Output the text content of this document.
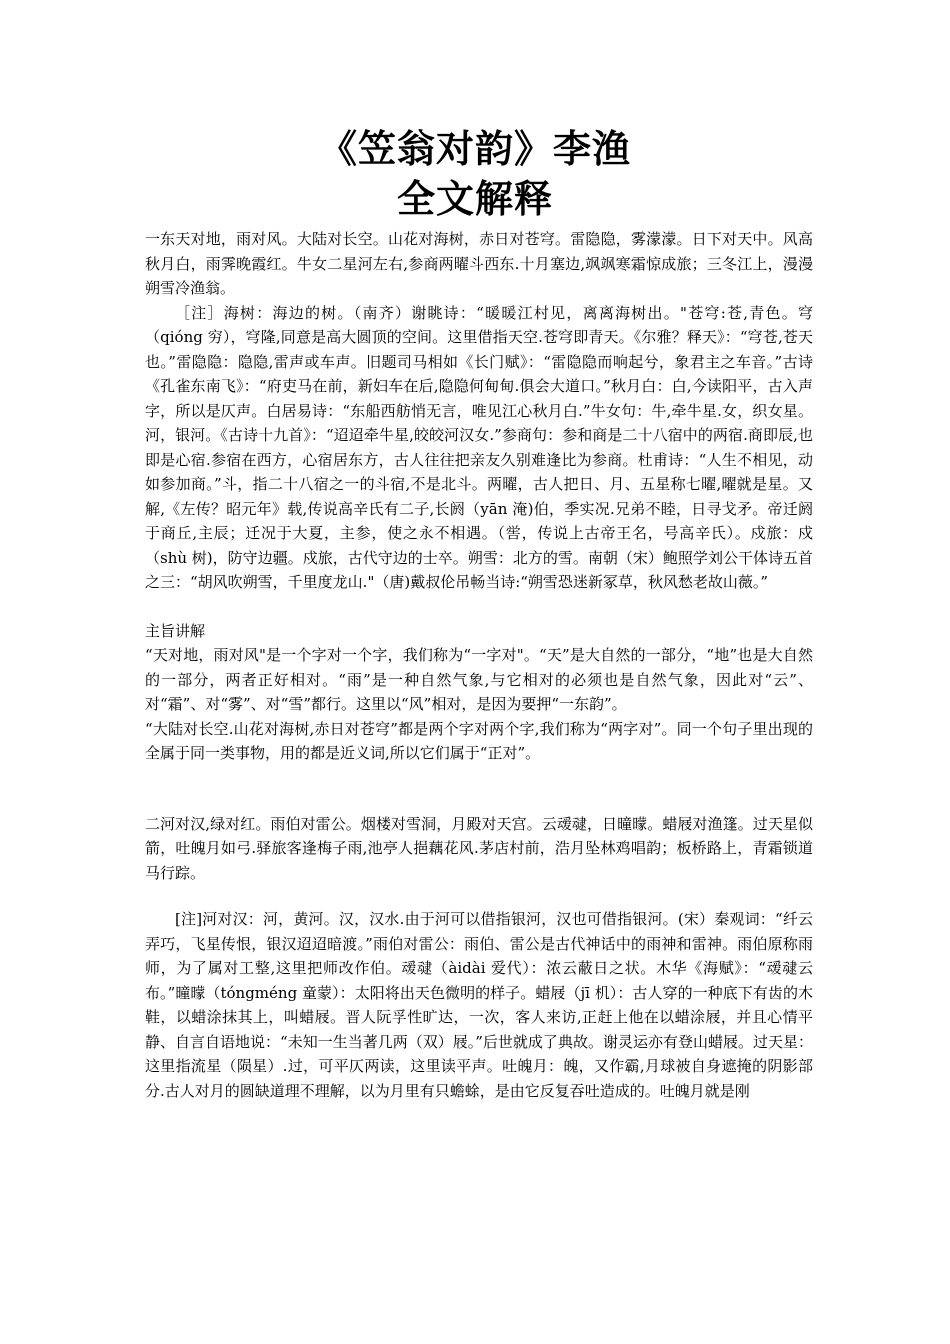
《笠翁对韵》李渔
全文解释

一东天对地，雨对风。大陆对长空。山花对海树，赤日对苍穹。雷隐隐，雾濛濛。日下对天中。风高秋月白，雨霁晚霞红。牛女二星河左右,参商两曜斗西东.十月塞边,飒飒寒霜惊成旅；三冬江上，漫漫朔雪冷渔翁。

［注］海树：海边的树。（南齐）谢眺诗：“暖暖江村见，离离海树出。"苍穹:苍,青色。穹（qióng 穷），穹隆,同意是高大圆顶的空间。这里借指天空.苍穹即青天。《尔雅？释天》：“穹苍,苍天也。”雷隐隐：隐隐,雷声或车声。旧题司马相如《长门赋》：“雷隐隐而响起兮，象君主之车音。”古诗《孔雀东南飞》：“府吏马在前，新妇车在后,隐隐何甸甸.俱会大道口。”秋月白：白,今读阳平，古入声字，所以是仄声。白居易诗：“东船西舫悄无言，唯见江心秋月白.”牛女句：牛,牵牛星.女，织女星。河，银河。《古诗十九首》：“迢迢牵牛星,皎皎河汉女.”参商句：参和商是二十八宿中的两宿.商即辰,也即是心宿.参宿在西方，心宿居东方，古人往往把亲友久别难逢比为参商。杜甫诗：“人生不相见，动如参加商。”斗，指二十八宿之一的斗宿,不是北斗。两曜，古人把日、月、五星称七曜,曜就是星。又解,《左传？昭元年》载,传说高辛氏有二子,长阏（yān 淹)伯，季实况.兄弟不睦，日寻戈矛。帝迁阏于商丘,主辰；迁况于大夏，主参，使之永不相遇。（喾，传说上古帝王名，号高辛氏）。戍旅：戍（shù 树)，防守边疆。戍旅，古代守边的士卒。朔雪：北方的雪。南朝（宋）鲍照学刘公干体诗五首之三：“胡风吹朔雪，千里度龙山."（唐)戴叔伦吊畅当诗:“朔雪恐迷新冢草，秋风愁老故山薇。”

主旨讲解

“天对地，雨对风"是一个字对一个字，我们称为“一字对"。“天”是大自然的一部分，“地”也是大自然的一部分，两者正好相对。“雨”是一种自然气象,与它相对的必须也是自然气象，因此对“云”、对“霜”、对“雾”、对“雪”都行。这里以“风”相对，是因为要押“一东韵”。

“大陆对长空.山花对海树,赤日对苍穹”都是两个字对两个字,我们称为“两字对”。同一个句子里出现的全属于同一类事物，用的都是近义词,所以它们属于“正对”。

二河对汉,绿对红。雨伯对雷公。烟楼对雪洞，月殿对天宫。云叆叇，日曈曚。蜡屐对渔篷。过天星似箭，吐魄月如弓.驿旅客逢梅子雨,池亭人挹藕花风.茅店村前，浩月坠林鸡唱韵；板桥路上，青霜锁道马行踪。

[注]河对汉：河，黄河。汉，汉水.由于河可以借指银河，汉也可借指银河。(宋）秦观词：“纤云弄巧，飞星传恨，银汉迢迢暗渡。”雨伯对雷公：雨伯、雷公是古代神话中的雨神和雷神。雨伯原称雨师，为了属对工整,这里把师改作伯。叆叇（àidài 爱代）：浓云蔽日之状。木华《海赋》：“叆叇云布。”曈曚（tóngméng 童蒙）：太阳将出天色微明的样子。蜡屐（jī 机）：古人穿的一种底下有齿的木鞋，以蜡涂抹其上，叫蜡屐。晋人阮孚性旷达，一次，客人来访,正赶上他在以蜡涂屐，并且心情平静、自言自语地说：“未知一生当著几两（双）屐。”后世就成了典故。谢灵运亦有登山蜡屐。过天星：这里指流星（陨星）.过，可平仄两读，这里读平声。吐魄月：魄，又作霸,月球被自身遮掩的阴影部分.古人对月的圆缺道理不理解，以为月里有只蟾蜍，是由它反复吞吐造成的。吐魄月就是刚
